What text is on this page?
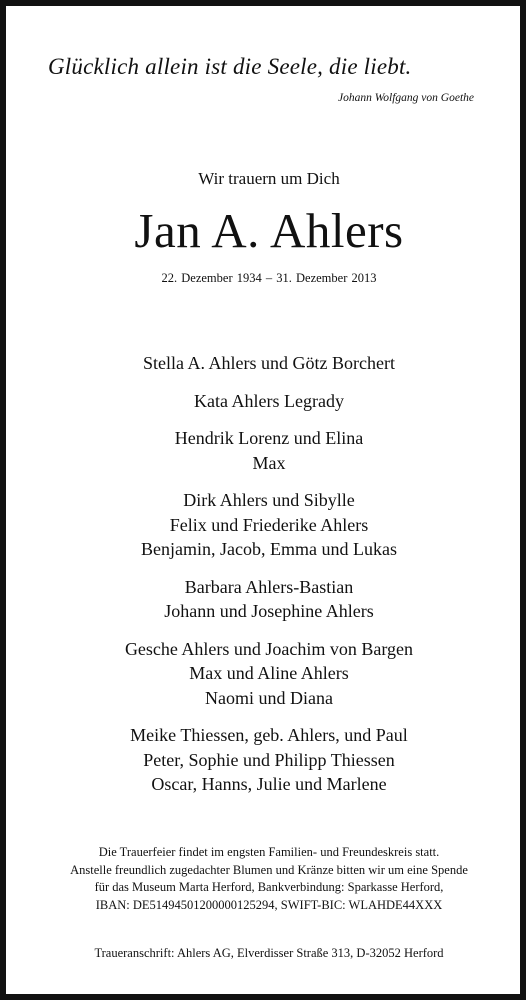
Glücklich allein ist die Seele, die liebt.
Johann Wolfgang von Goethe
Wir trauern um Dich
Jan A. Ahlers
22. Dezember 1934 – 31. Dezember 2013
Stella A. Ahlers und Götz Borchert
Kata Ahlers Legrady
Hendrik Lorenz und Elina
Max
Dirk Ahlers und Sibylle
Felix und Friederike Ahlers
Benjamin, Jacob, Emma und Lukas
Barbara Ahlers-Bastian
Johann und Josephine Ahlers
Gesche Ahlers und Joachim von Bargen
Max und Aline Ahlers
Naomi und Diana
Meike Thiessen, geb. Ahlers, und Paul
Peter, Sophie und Philipp Thiessen
Oscar, Hanns, Julie und Marlene
Die Trauerfeier findet im engsten Familien- und Freundeskreis statt.
Anstelle freundlich zugedachter Blumen und Kränze bitten wir um eine Spende
für das Museum Marta Herford, Bankverbindung: Sparkasse Herford,
IBAN: DE51494501200000125294, SWIFT-BIC: WLAHDE44XXX
Traueranschrift: Ahlers AG, Elverdisser Straße 313, D-32052 Herford
